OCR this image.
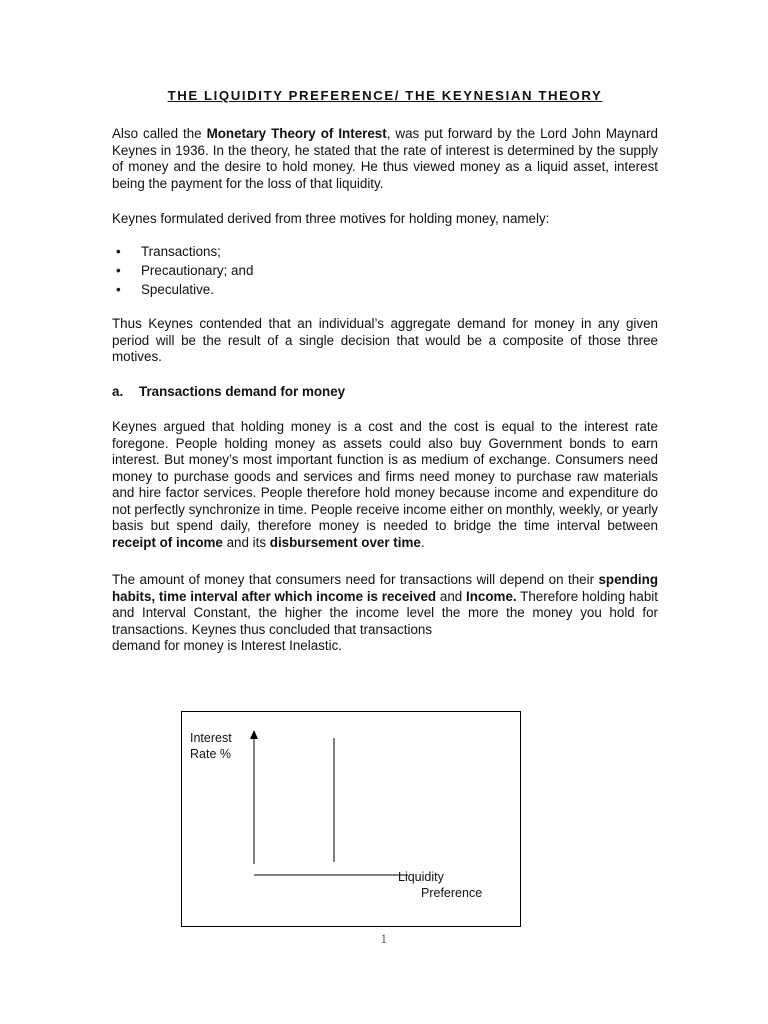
THE LIQUIDITY PREFERENCE/ THE KEYNESIAN THEORY

Also called the Monetary Theory of Interest, was put forward by the Lord John Maynard Keynes in 1936. In the theory, he stated that the rate of interest is determined by the supply of money and the desire to hold money. He thus viewed money as a liquid asset, interest being the payment for the loss of that liquidity.

Keynes formulated derived from three motives for holding money, namely:

• Transactions;
• Precautionary; and
• Speculative.

Thus Keynes contended that an individual’s aggregate demand for money in any given period will be the result of a single decision that would be a composite of those three motives.

a. Transactions demand for money

Keynes argued that holding money is a cost and the cost is equal to the interest rate foregone. People holding money as assets could also buy Government bonds to earn interest. But money’s most important function is as medium of exchange. Consumers need money to purchase goods and services and firms need money to purchase raw materials and hire factor services. People therefore hold money because income and expenditure do not perfectly synchronize in time. People receive income either on monthly, weekly, or yearly basis but spend daily, therefore money is needed to bridge the time interval between receipt of income and its disbursement over time.

The amount of money that consumers need for transactions will depend on their spending habits, time interval after which income is received and Income. Therefore holding habit and Interval Constant, the higher the income level the more the money you hold for transactions. Keynes thus concluded that transactions
demand for money is Interest Inelastic.

Interest
Rate %
Liquidity
Preference
1
